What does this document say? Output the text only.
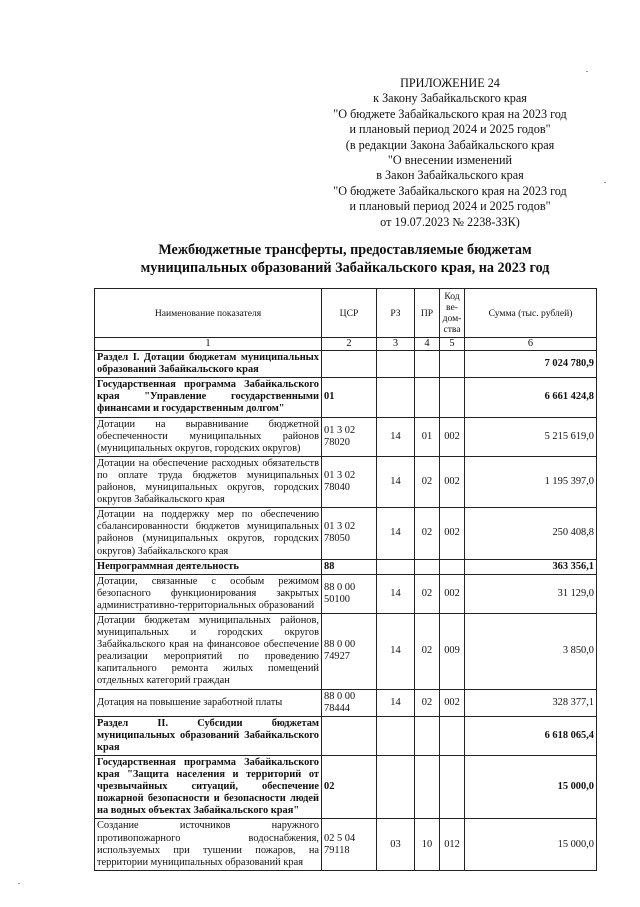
ПРИЛОЖЕНИЕ 24
к Закону Забайкальского края
"О бюджете Забайкальского края на 2023 год
и плановый период 2024 и 2025 годов"
(в редакции Закона Забайкальского края
"О внесении изменений
в Закон Забайкальского края
"О бюджете Забайкальского края на 2023 год
и плановый период 2024 и 2025 годов"
от 19.07.2023 № 2238-ЗЗК)
Межбюджетные трансферты, предоставляемые бюджетам
муниципальных образований Забайкальского края, на 2023 год
Наименование показателя	ЦСР	РЗ	ПР	Код ве-дом-ства	Сумма (тыс. рублей)
1	2	3	4	5	6
Раздел I. Дотации бюджетам муниципальных образований Забайкальского края					7 024 780,9
Государственная программа Забайкальского края "Управление государственными финансами и государственным долгом"	01				6 661 424,8
Дотации на выравнивание бюджетной обеспеченности муниципальных районов (муниципальных округов, городских округов)	01 3 02 78020	14	01	002	5 215 619,0
Дотации на обеспечение расходных обязательств по оплате труда бюджетов муниципальных районов, муниципальных округов, городских округов Забайкальского края	01 3 02 78040	14	02	002	1 195 397,0
Дотации на поддержку мер по обеспечению сбалансированности бюджетов муниципальных районов (муниципальных округов, городских округов) Забайкальского края	01 3 02 78050	14	02	002	250 408,8
Непрограммная деятельность	88				363 356,1
Дотации, связанные с особым режимом безопасного функционирования закрытых административно-территориальных образований	88 0 00 50100	14	02	002	31 129,0
Дотации бюджетам муниципальных районов, муниципальных и городских округов Забайкальского края на финансовое обеспечение реализации мероприятий по проведению капитального ремонта жилых помещений отдельных категорий граждан	88 0 00 74927	14	02	009	3 850,0
Дотация на повышение заработной платы	88 0 00 78444	14	02	002	328 377,1
Раздел II. Субсидии бюджетам муниципальных образований Забайкальского края					6 618 065,4
Государственная программа Забайкальского края "Защита населения и территорий от чрезвычайных ситуаций, обеспечение пожарной безопасности и безопасности людей на водных объектах Забайкальского края"	02				15 000,0
Создание источников наружного противопожарного водоснабжения, используемых при тушении пожаров, на территории муниципальных образований края	02 5 04 79118	03	10	012	15 000,0
